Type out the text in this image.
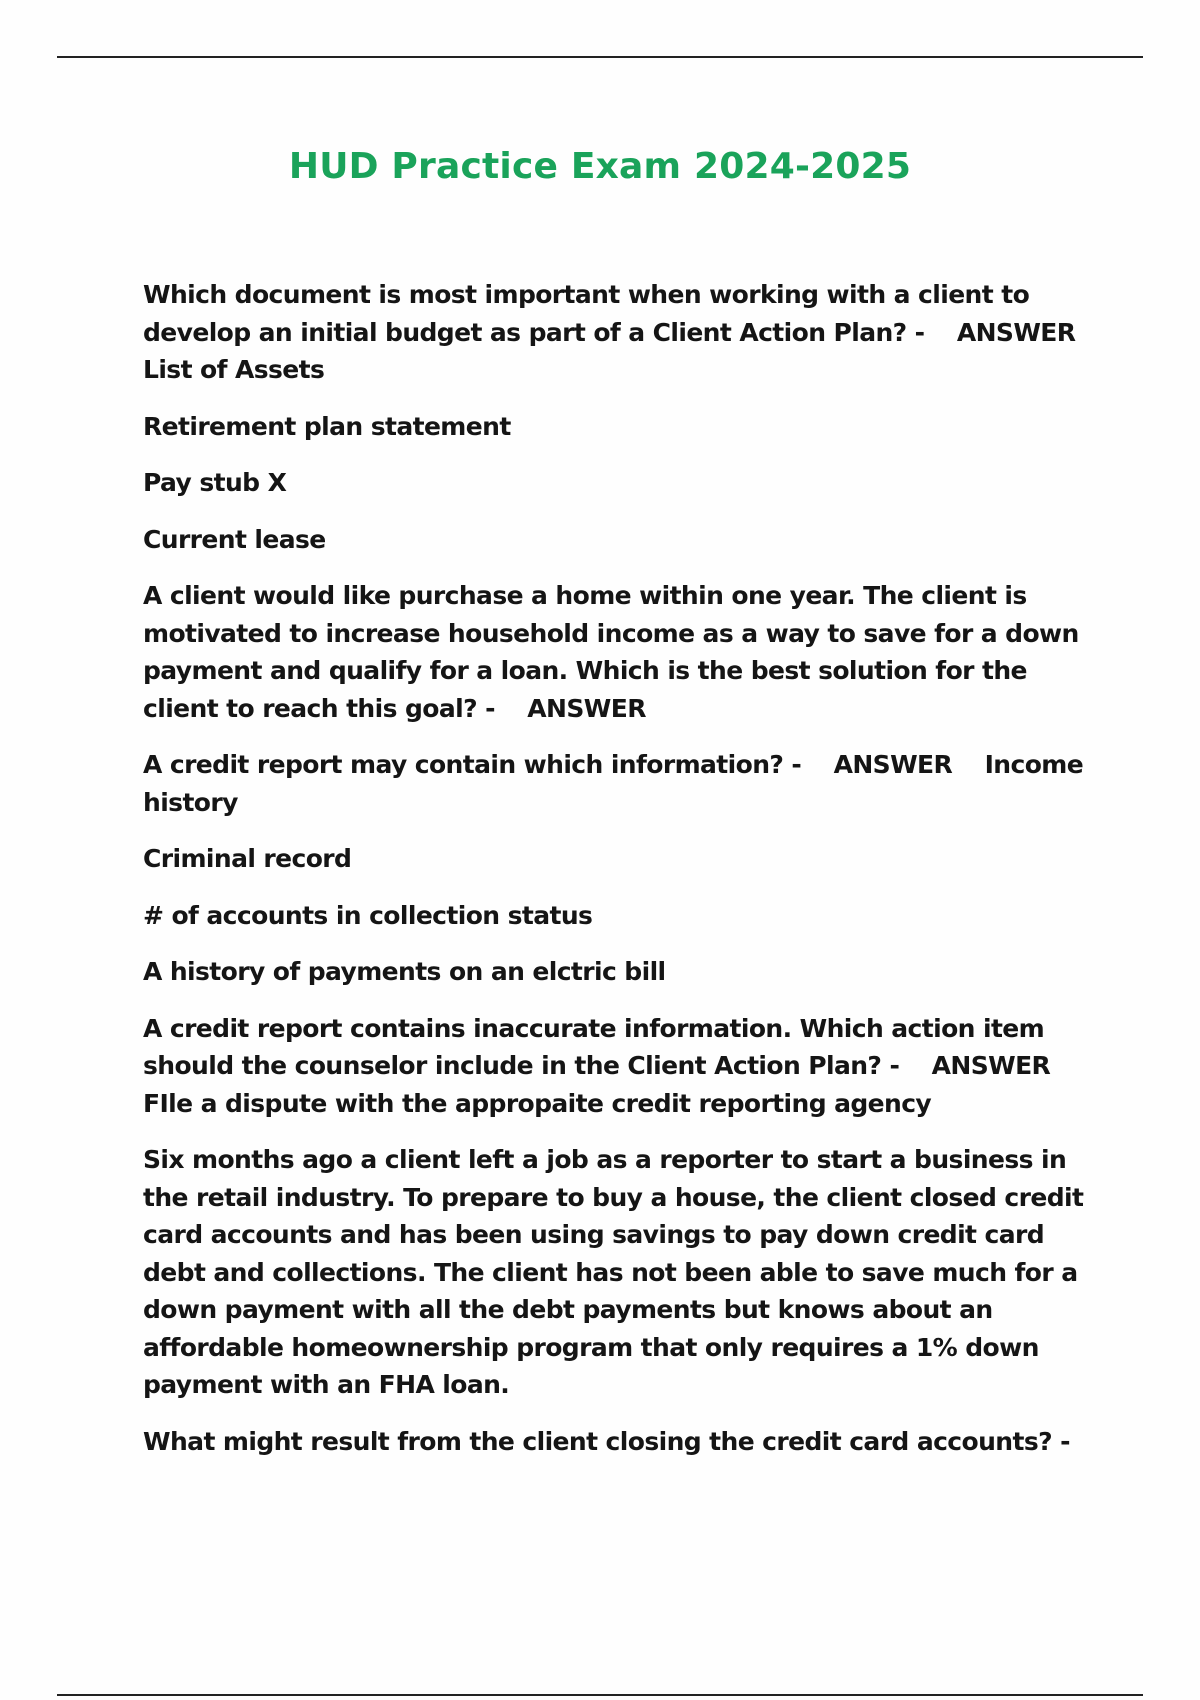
HUD Practice Exam 2024-2025

Which document is most important when working with a client to develop an initial budget as part of a Client Action Plan? -    ANSWER List of Assets

Retirement plan statement

Pay stub X

Current lease

A client would like purchase a home within one year. The client is motivated to increase household income as a way to save for a down payment and qualify for a loan. Which is the best solution for the client to reach this goal? -    ANSWER

A credit report may contain which information? -    ANSWER    Income history

Criminal record

# of accounts in collection status

A history of payments on an elctric bill

A credit report contains inaccurate information. Which action item should the counselor include in the Client Action Plan? -    ANSWER FIle a dispute with the appropaite credit reporting agency

Six months ago a client left a job as a reporter to start a business in the retail industry. To prepare to buy a house, the client closed credit card accounts and has been using savings to pay down credit card debt and collections. The client has not been able to save much for a down payment with all the debt payments but knows about an affordable homeownership program that only requires a 1% down payment with an FHA loan.

What might result from the client closing the credit card accounts? -
